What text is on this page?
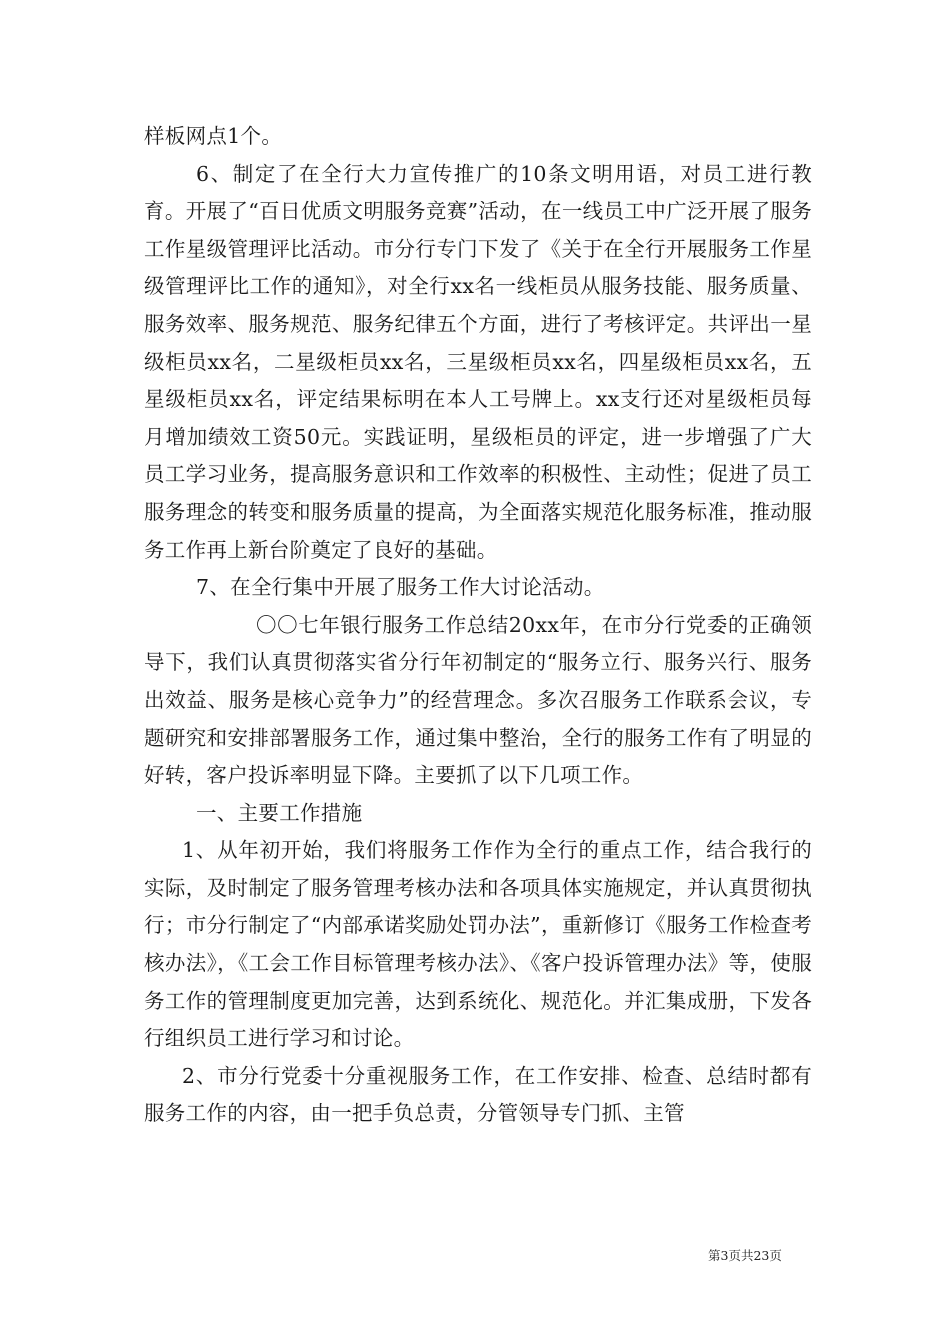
样板网点1个。

6、制定了在全行大力宣传推广的10条文明用语，对员工进行教育。开展了“百日优质文明服务竞赛”活动，在一线员工中广泛开展了服务工作星级管理评比活动。市分行专门下发了《关于在全行开展服务工作星级管理评比工作的通知》，对全行xx名一线柜员从服务技能、服务质量、服务效率、服务规范、服务纪律五个方面，进行了考核评定。共评出一星级柜员xx名，二星级柜员xx名，三星级柜员xx名，四星级柜员xx名，五星级柜员xx名，评定结果标明在本人工号牌上。xx支行还对星级柜员每月增加绩效工资50元。实践证明，星级柜员的评定，进一步增强了广大员工学习业务，提高服务意识和工作效率的积极性、主动性；促进了员工服务理念的转变和服务质量的提高，为全面落实规范化服务标准，推动服务工作再上新台阶奠定了良好的基础。

7、在全行集中开展了服务工作大讨论活动。

〇〇七年银行服务工作总结20xx年，在市分行党委的正确领导下，我们认真贯彻落实省分行年初制定的“服务立行、服务兴行、服务出效益、服务是核心竞争力”的经营理念。多次召服务工作联系会议，专题研究和安排部署服务工作，通过集中整治，全行的服务工作有了明显的好转，客户投诉率明显下降。主要抓了以下几项工作。

一、主要工作措施

1、从年初开始，我们将服务工作作为全行的重点工作，结合我行的实际，及时制定了服务管理考核办法和各项具体实施规定，并认真贯彻执行；市分行制定了“内部承诺奖励处罚办法”，重新修订《服务工作检查考核办法》，《工会工作目标管理考核办法》、《客户投诉管理办法》等，使服务工作的管理制度更加完善，达到系统化、规范化。并汇集成册，下发各行组织员工进行学习和讨论。

2、市分行党委十分重视服务工作，在工作安排、检查、总结时都有服务工作的内容，由一把手负总责，分管领导专门抓、主管

第3页共23页
